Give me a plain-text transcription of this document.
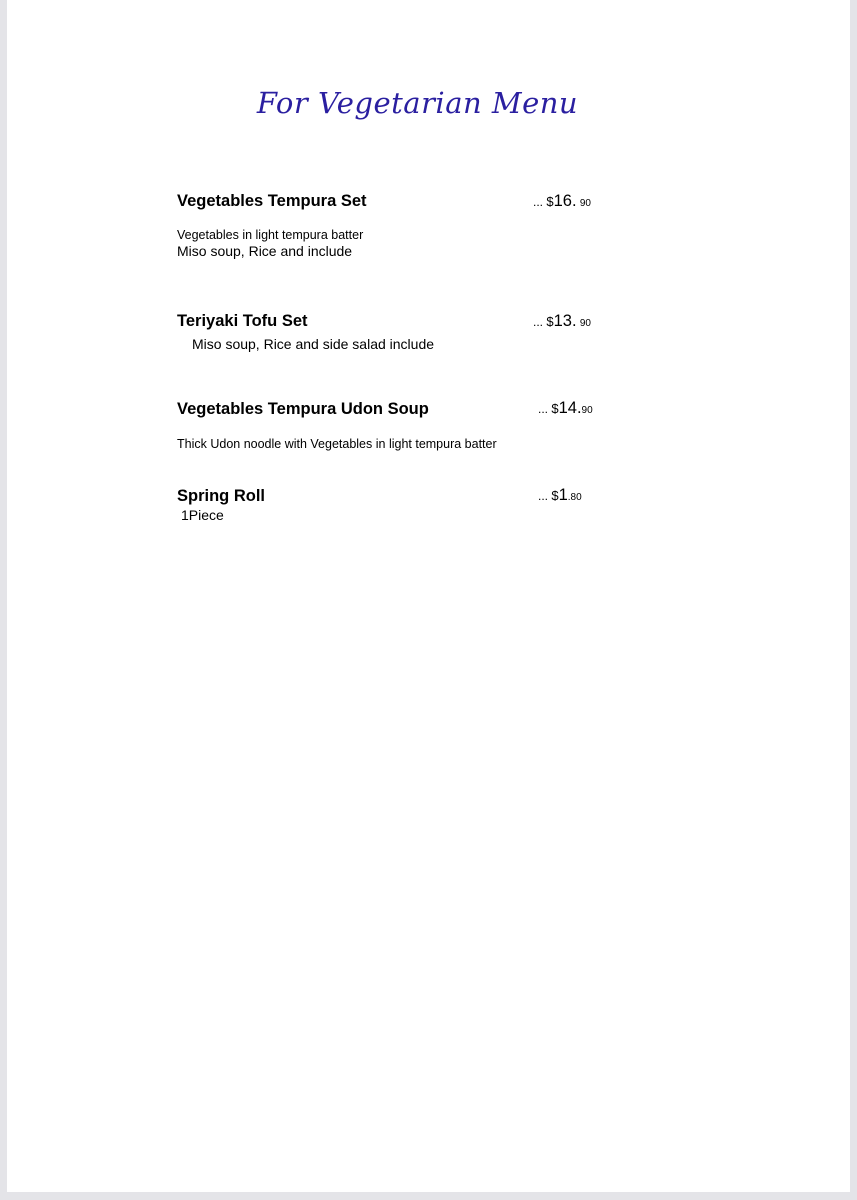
For Vegetarian Menu
Vegetables Tempura Set	... $16. 90
Vegetables in light tempura batter
Miso soup, Rice and include
Teriyaki Tofu Set	... $13. 90
Miso soup, Rice and side salad include
Vegetables Tempura Udon Soup	... $14.90
Thick Udon noodle with Vegetables in light tempura batter
Spring Roll	... $1.80
1Piece
